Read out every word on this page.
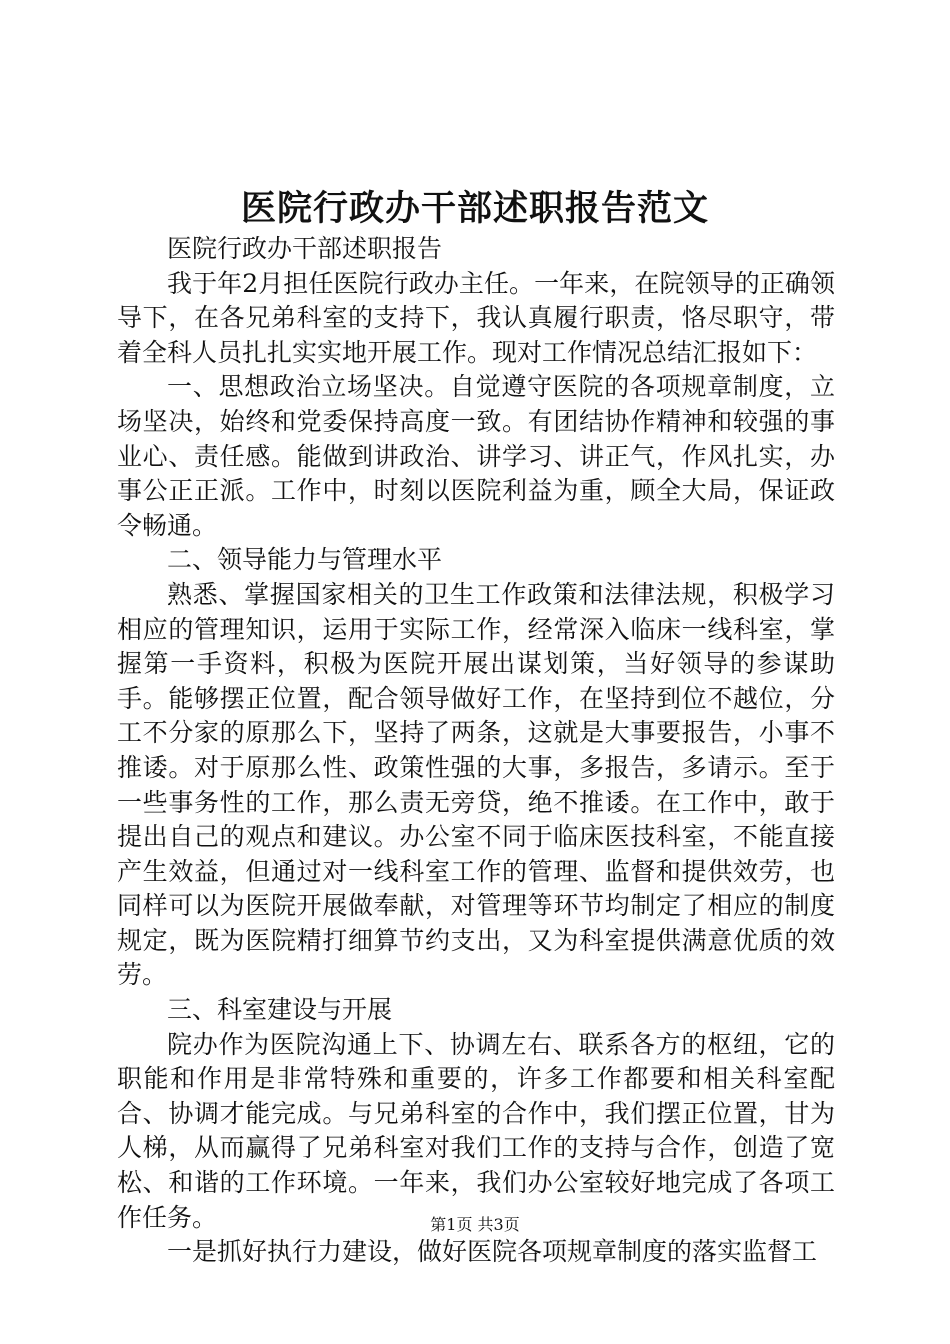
医院行政办干部述职报告范文

医院行政办干部述职报告

我于年2月担任医院行政办主任。一年来，在院领导的正确领导下，在各兄弟科室的支持下，我认真履行职责，恪尽职守，带着全科人员扎扎实实地开展工作。现对工作情况总结汇报如下：

一、思想政治立场坚决。自觉遵守医院的各项规章制度，立场坚决，始终和党委保持高度一致。有团结协作精神和较强的事业心、责任感。能做到讲政治、讲学习、讲正气，作风扎实，办事公正正派。工作中，时刻以医院利益为重，顾全大局，保证政令畅通。

二、领导能力与管理水平

熟悉、掌握国家相关的卫生工作政策和法律法规，积极学习相应的管理知识，运用于实际工作，经常深入临床一线科室，掌握第一手资料，积极为医院开展出谋划策，当好领导的参谋助手。能够摆正位置，配合领导做好工作，在坚持到位不越位，分工不分家的原那么下，坚持了两条，这就是大事要报告，小事不推诿。对于原那么性、政策性强的大事，多报告，多请示。至于一些事务性的工作，那么责无旁贷，绝不推诿。在工作中，敢于提出自己的观点和建议。办公室不同于临床医技科室，不能直接产生效益，但通过对一线科室工作的管理、监督和提供效劳，也同样可以为医院开展做奉献，对管理等环节均制定了相应的制度规定，既为医院精打细算节约支出，又为科室提供满意优质的效劳。

三、科室建设与开展

院办作为医院沟通上下、协调左右、联系各方的枢纽，它的职能和作用是非常特殊和重要的，许多工作都要和相关科室配合、协调才能完成。与兄弟科室的合作中，我们摆正位置，甘为人梯，从而赢得了兄弟科室对我们工作的支持与合作，创造了宽松、和谐的工作环境。一年来，我们办公室较好地完成了各项工作任务。

一是抓好执行力建设，做好医院各项规章制度的落实监督工

第1页 共3页
